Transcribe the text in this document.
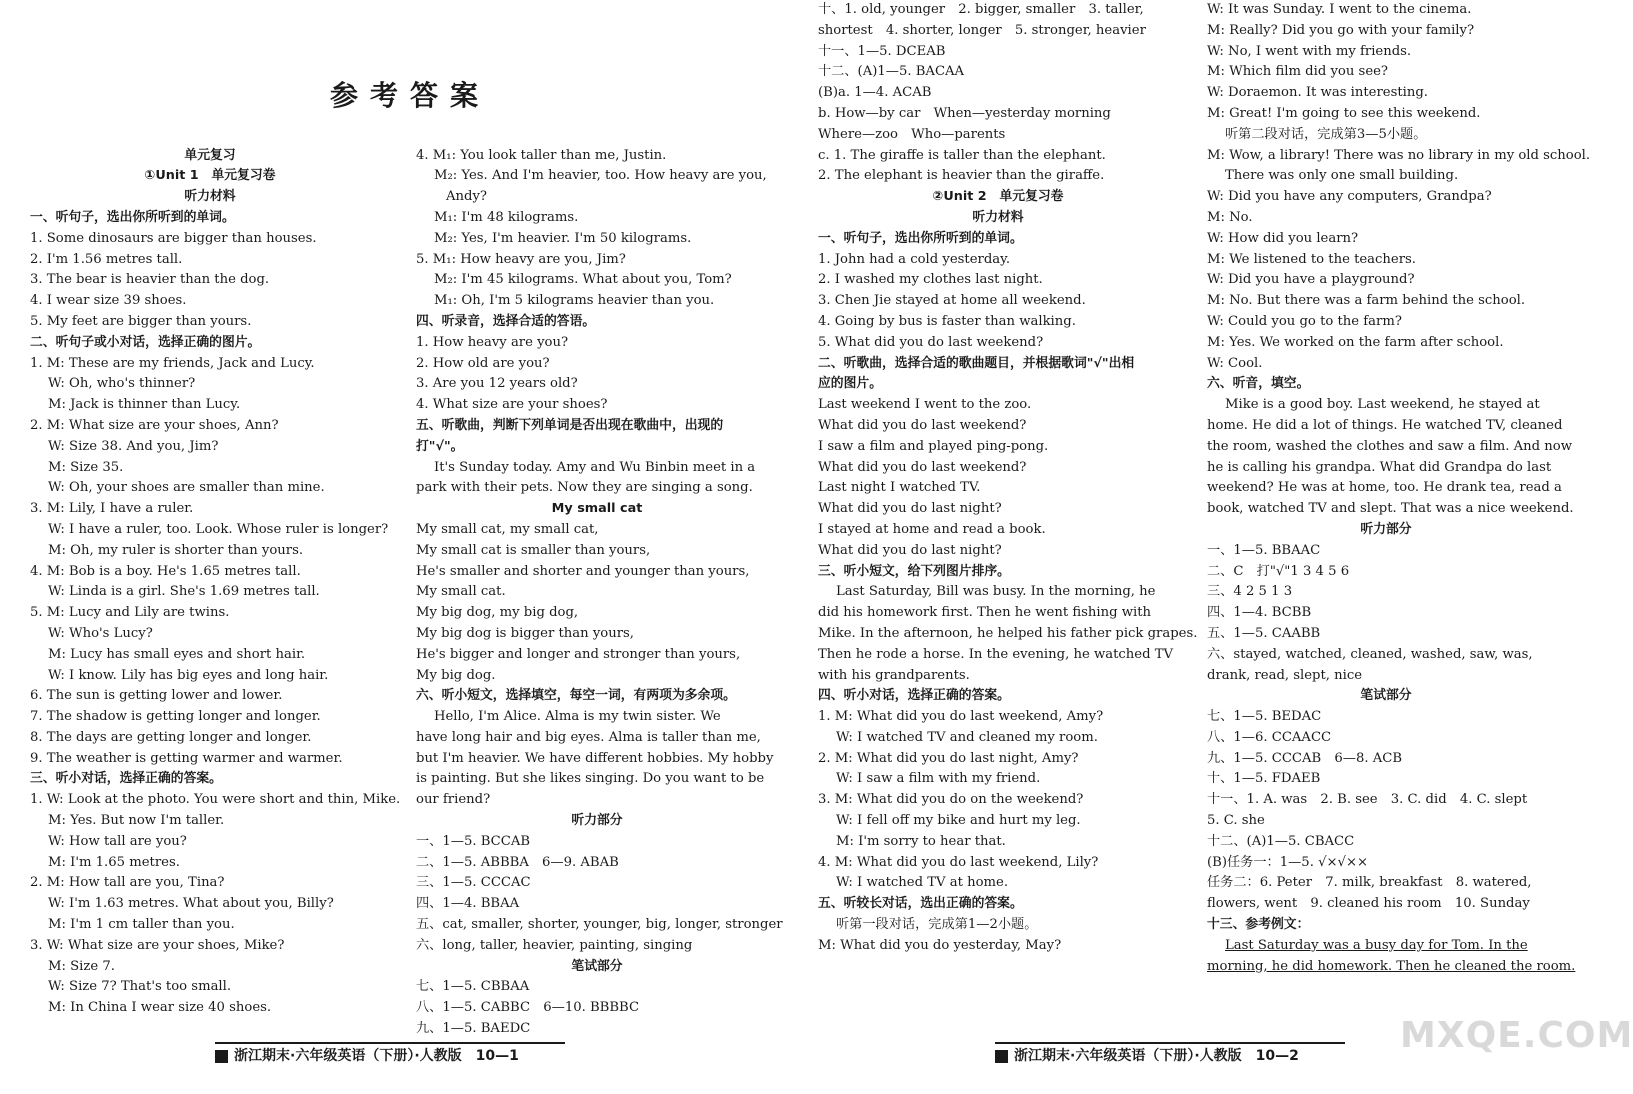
参考答案

单元复习
①Unit 1　单元复习卷
听力材料
一、听句子，选出你所听到的单词。
1. Some dinosaurs are bigger than houses.
2. I'm 1.56 metres tall.
3. The bear is heavier than the dog.
4. I wear size 39 shoes.
5. My feet are bigger than yours.
二、听句子或小对话，选择正确的图片。
1. M: These are my friends, Jack and Lucy.
W: Oh, who's thinner?
M: Jack is thinner than Lucy.
2. M: What size are your shoes, Ann?
W: Size 38. And you, Jim?
M: Size 35.
W: Oh, your shoes are smaller than mine.
3. M: Lily, I have a ruler.
W: I have a ruler, too. Look. Whose ruler is longer?
M: Oh, my ruler is shorter than yours.
4. M: Bob is a boy. He's 1.65 metres tall.
W: Linda is a girl. She's 1.69 metres tall.
5. M: Lucy and Lily are twins.
W: Who's Lucy?
M: Lucy has small eyes and short hair.
W: I know. Lily has big eyes and long hair.
6. The sun is getting lower and lower.
7. The shadow is getting longer and longer.
8. The days are getting longer and longer.
9. The weather is getting warmer and warmer.
三、听小对话，选择正确的答案。
1. W: Look at the photo. You were short and thin, Mike.
M: Yes. But now I'm taller.
W: How tall are you?
M: I'm 1.65 metres.
2. M: How tall are you, Tina?
W: I'm 1.63 metres. What about you, Billy?
M: I'm 1 cm taller than you.
3. W: What size are your shoes, Mike?
M: Size 7.
W: Size 7? That's too small.
M: In China I wear size 40 shoes.

4. M₁: You look taller than me, Justin.
M₂: Yes. And I'm heavier, too. How heavy are you,
Andy?
M₁: I'm 48 kilograms.
M₂: Yes, I'm heavier. I'm 50 kilograms.
5. M₁: How heavy are you, Jim?
M₂: I'm 45 kilograms. What about you, Tom?
M₁: Oh, I'm 5 kilograms heavier than you.
四、听录音，选择合适的答语。
1. How heavy are you?
2. How old are you?
3. Are you 12 years old?
4. What size are your shoes?
五、听歌曲，判断下列单词是否出现在歌曲中，出现的
打"√"。
It's Sunday today. Amy and Wu Binbin meet in a
park with their pets. Now they are singing a song.
My small cat
My small cat, my small cat,
My small cat is smaller than yours,
He's smaller and shorter and younger than yours,
My small cat.
My big dog, my big dog,
My big dog is bigger than yours,
He's bigger and longer and stronger than yours,
My big dog.
六、听小短文，选择填空，每空一词，有两项为多余项。
Hello, I'm Alice. Alma is my twin sister. We
have long hair and big eyes. Alma is taller than me,
but I'm heavier. We have different hobbies. My hobby
is painting. But she likes singing. Do you want to be
our friend?
听力部分
一、1—5. BCCAB
二、1—5. ABBBA　6—9. ABAB
三、1—5. CCCAC
四、1—4. BBAA
五、cat, smaller, shorter, younger, big, longer, stronger
六、long, taller, heavier, painting, singing
笔试部分
七、1—5. CBBAA
八、1—5. CABBC　6—10. BBBBC
九、1—5. BAEDC
十、1. old, younger　2. bigger, smaller　3. taller,
shortest　4. shorter, longer　5. stronger, heavier
十一、1—5. DCEAB
十二、(A)1—5. BACAA
(B)a. 1—4. ACAB
b. How—by car　When—yesterday morning
Where—zoo　Who—parents
c. 1. The giraffe is taller than the elephant.
2. The elephant is heavier than the giraffe.
②Unit 2　单元复习卷
听力材料
一、听句子，选出你所听到的单词。
1. John had a cold yesterday.
2. I washed my clothes last night.
3. Chen Jie stayed at home all weekend.
4. Going by bus is faster than walking.
5. What did you do last weekend?
二、听歌曲，选择合适的歌曲题目，并根据歌词"√"出相
应的图片。
Last weekend I went to the zoo.
What did you do last weekend?
I saw a film and played ping-pong.
What did you do last weekend?
Last night I watched TV.
What did you do last night?
I stayed at home and read a book.
What did you do last night?
三、听小短文，给下列图片排序。
Last Saturday, Bill was busy. In the morning, he
did his homework first. Then he went fishing with
Mike. In the afternoon, he helped his father pick grapes.
Then he rode a horse. In the evening, he watched TV
with his grandparents.
四、听小对话，选择正确的答案。
1. M: What did you do last weekend, Amy?
W: I watched TV and cleaned my room.
2. M: What did you do last night, Amy?
W: I saw a film with my friend.
3. M: What did you do on the weekend?
W: I fell off my bike and hurt my leg.
M: I'm sorry to hear that.
4. M: What did you do last weekend, Lily?
W: I watched TV at home.
五、听较长对话，选出正确的答案。
听第一段对话，完成第1—2小题。
M: What did you do yesterday, May?
W: It was Sunday. I went to the cinema.
M: Really? Did you go with your family?
W: No, I went with my friends.
M: Which film did you see?
W: Doraemon. It was interesting.
M: Great! I'm going to see this weekend.
听第二段对话，完成第3—5小题。
M: Wow, a library! There was no library in my old school.
There was only one small building.
W: Did you have any computers, Grandpa?
M: No.
W: How did you learn?
M: We listened to the teachers.
W: Did you have a playground?
M: No. But there was a farm behind the school.
W: Could you go to the farm?
M: Yes. We worked on the farm after school.
W: Cool.
六、听音，填空。
Mike is a good boy. Last weekend, he stayed at
home. He did a lot of things. He watched TV, cleaned
the room, washed the clothes and saw a film. And now
he is calling his grandpa. What did Grandpa do last
weekend? He was at home, too. He drank tea, read a
book, watched TV and slept. That was a nice weekend.
听力部分
一、1—5. BBAAC
二、C　打"√"1 3 4 5 6
三、4 2 5 1 3
四、1—4. BCBB
五、1—5. CAABB
六、stayed, watched, cleaned, washed, saw, was,
drank, read, slept, nice
笔试部分
七、1—5. BEDAC
八、1—6. CCAACC
九、1—5. CCCAB　6—8. ACB
十、1—5. FDAEB
十一、1. A. was　2. B. see　3. C. did　4. C. slept
5. C. she
十二、(A)1—5. CBACC
(B)任务一：1—5. √×√××
任务二：6. Peter　7. milk, breakfast　8. watered,
flowers, went　9. cleaned his room　10. Sunday
十三、参考例文：
Last Saturday was a busy day for Tom. In the
morning, he did homework. Then he cleaned the room.
浙江期末·六年级英语（下册）·人教版　10—1	浙江期末·六年级英语（下册）·人教版　10—2	MXQE.COM
